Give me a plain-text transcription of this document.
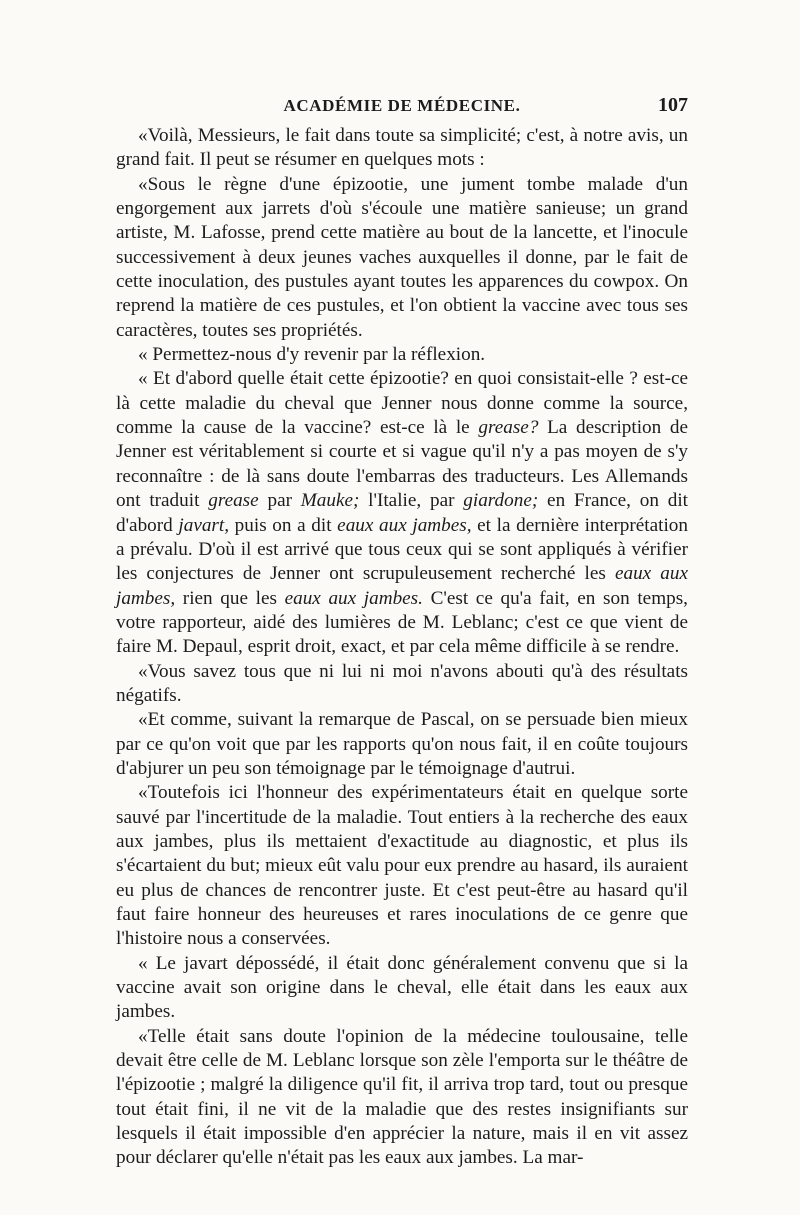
ACADÉMIE DE MÉDECINE.	107

«Voilà, Messieurs, le fait dans toute sa simplicité; c'est, à notre avis, un grand fait. Il peut se résumer en quelques mots :

«Sous le règne d'une épizootie, une jument tombe malade d'un engorgement aux jarrets d'où s'écoule une matière sanieuse; un grand artiste, M. Lafosse, prend cette matière au bout de la lancette, et l'inocule successivement à deux jeunes vaches auxquelles il donne, par le fait de cette inoculation, des pustules ayant toutes les apparences du cowpox. On reprend la matière de ces pustules, et l'on obtient la vaccine avec tous ses caractères, toutes ses propriétés.

« Permettez-nous d'y revenir par la réflexion.

« Et d'abord quelle était cette épizootie? en quoi consistait-elle ? est-ce là cette maladie du cheval que Jenner nous donne comme la source, comme la cause de la vaccine? est-ce là le grease? La description de Jenner est véritablement si courte et si vague qu'il n'y a pas moyen de s'y reconnaître : de là sans doute l'embarras des traducteurs. Les Allemands ont traduit grease par Mauke; l'Italie, par giardone; en France, on dit d'abord javart, puis on a dit eaux aux jambes, et la dernière interprétation a prévalu. D'où il est arrivé que tous ceux qui se sont appliqués à vérifier les conjectures de Jenner ont scrupuleusement recherché les eaux aux jambes, rien que les eaux aux jambes. C'est ce qu'a fait, en son temps, votre rapporteur, aidé des lumières de M. Leblanc; c'est ce que vient de faire M. Depaul, esprit droit, exact, et par cela même difficile à se rendre.

«Vous savez tous que ni lui ni moi n'avons abouti qu'à des résultats négatifs.

«Et comme, suivant la remarque de Pascal, on se persuade bien mieux par ce qu'on voit que par les rapports qu'on nous fait, il en coûte toujours d'abjurer un peu son témoignage par le témoignage d'autrui.

«Toutefois ici l'honneur des expérimentateurs était en quelque sorte sauvé par l'incertitude de la maladie. Tout entiers à la recherche des eaux aux jambes, plus ils mettaient d'exactitude au diagnostic, et plus ils s'écartaient du but; mieux eût valu pour eux prendre au hasard, ils auraient eu plus de chances de rencontrer juste. Et c'est peut-être au hasard qu'il faut faire honneur des heureuses et rares inoculations de ce genre que l'histoire nous a conservées.

« Le javart dépossédé, il était donc généralement convenu que si la vaccine avait son origine dans le cheval, elle était dans les eaux aux jambes.

«Telle était sans doute l'opinion de la médecine toulousaine, telle devait être celle de M. Leblanc lorsque son zèle l'emporta sur le théâtre de l'épizootie ; malgré la diligence qu'il fit, il arriva trop tard, tout ou presque tout était fini, il ne vit de la maladie que des restes insignifiants sur lesquels il était impossible d'en apprécier la nature, mais il en vit assez pour déclarer qu'elle n'était pas les eaux aux jambes. La mar-
